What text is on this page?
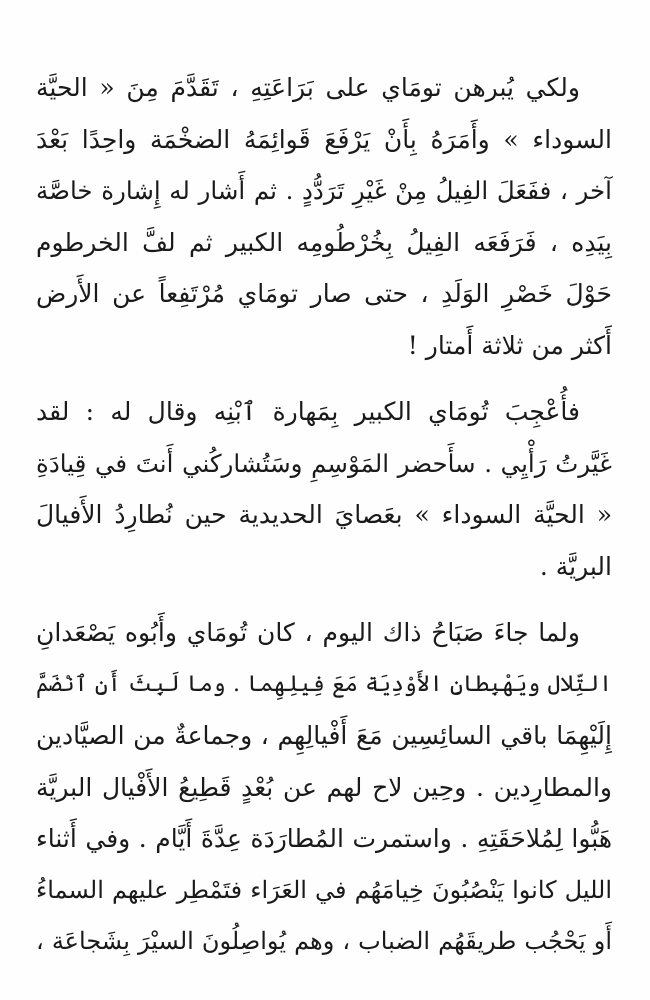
ولكي يُبرهن تومَاي على بَرَاعَتِهِ ، تَقَدَّمَ مِنَ « الحيَّة
السوداء » وأَمَرَهُ بِأَنْ يَرْفَعَ قَوائِمَهُ الضخْمَة واحِدًا بَعْدَ
آخر ، ففَعَلَ الفِيلُ مِنْ غَيْرِ تَرَدُّدٍ . ثم أَشار له إِشارة خاصَّة
بِيَدِه ، فَرَفَعَه الفِيلُ بِخُرْطُومِه الكبير ثم لفَّ الخرطوم
حَوْلَ خَصْرِ الوَلَدِ ، حتى صار تومَاي مُرْتَفِعاً عن الأَرض
أَكثر من ثلاثة أَمتار !
فأُعْجِبَ تُومَاي الكبير بِمَهارة ٱبْنِه وقال له : لقد
غَيَّرتُ رَأْيِي . سأَحضر المَوْسِمِ وسَتُشاركُني أَنتَ في قِيادَةِ
« الحيَّة السوداء » بعَصايَ الحديدية حين نُطارِدُ الأَفيالَ
البريَّة .
ولما جاءَ صَبَاحُ ذاك اليوم ، كان تُومَاي وأَبُوه يَصْعَدانِ
التِّلال ويَهْبِطانِ الأَوْدِيَة مَعَ فِيلِهِما . وما لَبِثَ أَنِ ٱنْضَمَّ
إِلَيْهِمَا باقي السائِسِين مَعَ أَفْيالِهِم ، وجماعةٌ من الصيَّادين
والمطارِدين . وحِين لاح لهم عن بُعْدٍ قَطِيعُ الأَفْيال البريَّة
هَبُّوا لِمُلاحَقَتِهِ . واستمرت المُطارَدَة عِدَّةَ أَيَّام . وفي أَثناء
الليل كانوا يَنْصُبُونَ خِيامَهُم في العَرَاء فتَمْطِر عليهم السماءُ
أَو يَحْجُب طريقَهُم الضباب ، وهم يُواصِلُونَ السيْرَ بِشَجاعَة ،
